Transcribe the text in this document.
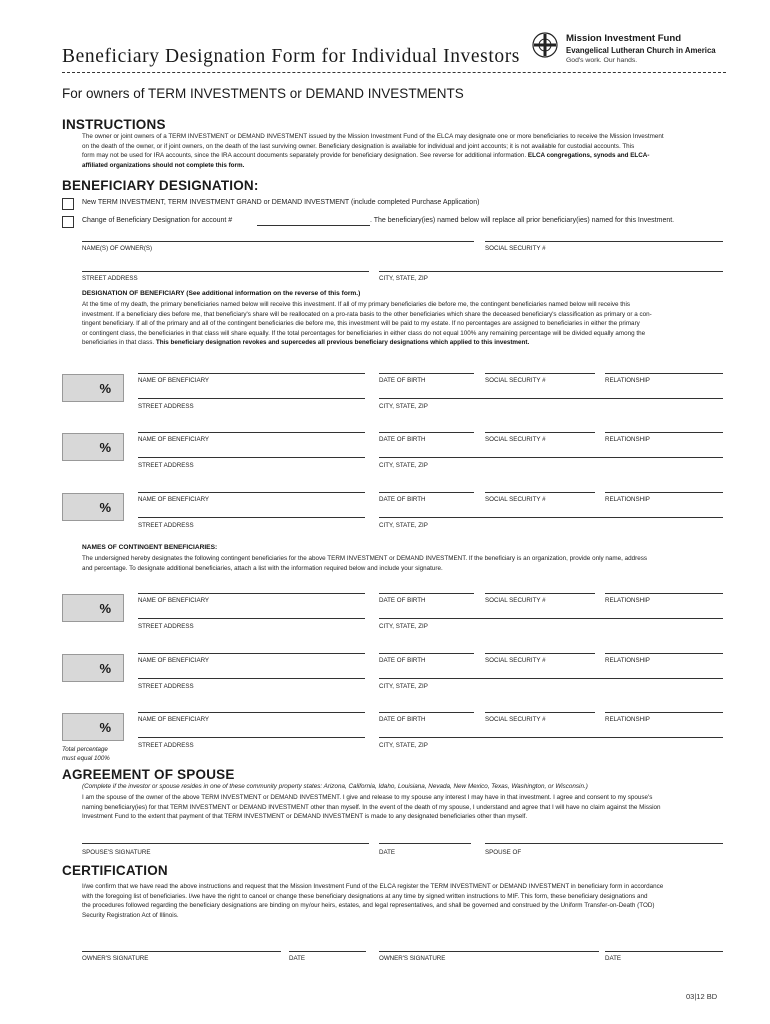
Beneficiary Designation Form for Individual Investors
Mission Investment Fund
Evangelical Lutheran Church in America
God's work. Our hands.
For owners of TERM INVESTMENTS or DEMAND INVESTMENTS
INSTRUCTIONS
The owner or joint owners of a TERM INVESTMENT or DEMAND INVESTMENT issued by the Mission Investment Fund of the ELCA may designate one or more beneficiaries to receive the Mission Investment
on the death of the owner, or if joint owners, on the death of the last surviving owner. Beneficiary designation is available for individual and joint accounts; it is not available for custodial accounts. This
form may not be used for IRA accounts, since the IRA account documents separately provide for beneficiary designation. See reverse for additional information. ELCA congregations, synods and ELCA-
affiliated organizations should not complete this form.
BENEFICIARY DESIGNATION:
New TERM INVESTMENT, TERM INVESTMENT GRAND or DEMAND INVESTMENT (include completed Purchase Application)
Change of Beneficiary Designation for account #	. The beneficiary(ies) named below will replace all prior beneficiary(ies) named for this Investment.
NAME(S) OF OWNER(S)	SOCIAL SECURITY #
STREET ADDRESS	CITY, STATE, ZIP
DESIGNATION OF BENEFICIARY (See additional information on the reverse of this form.)
At the time of my death, the primary beneficiaries named below will receive this investment. If all of my primary beneficiaries die before me, the contingent beneficiaries named below will receive this
investment. If a beneficiary dies before me, that beneficiary's share will be reallocated on a pro-rata basis to the other beneficiaries which share the deceased beneficiary's classification as primary or a con-
tingent beneficiary. If all of the primary and all of the contingent beneficiaries die before me, this investment will be paid to my estate. If no percentages are assigned to beneficiaries in either the primary
or contingent class, the beneficiaries in that class will share equally. If the total percentages for beneficiaries in either class do not equal 100% any remaining percentage will be divided equally among the
beneficiaries in that class. This beneficiary designation revokes and supercedes all previous beneficiary designations which applied to this investment.
%
NAME OF BENEFICIARY	DATE OF BIRTH	SOCIAL SECURITY #	RELATIONSHIP
STREET ADDRESS	CITY, STATE, ZIP
%
NAME OF BENEFICIARY	DATE OF BIRTH	SOCIAL SECURITY #	RELATIONSHIP
STREET ADDRESS	CITY, STATE, ZIP
%
NAME OF BENEFICIARY	DATE OF BIRTH	SOCIAL SECURITY #	RELATIONSHIP
STREET ADDRESS	CITY, STATE, ZIP
NAMES OF CONTINGENT BENEFICIARIES:
The undersigned hereby designates the following contingent beneficiaries for the above TERM INVESTMENT or DEMAND INVESTMENT. If the beneficiary is an organization, provide only name, address
and percentage. To designate additional beneficiaries, attach a list with the information required below and include your signature.
%
NAME OF BENEFICIARY	DATE OF BIRTH	SOCIAL SECURITY #	RELATIONSHIP
STREET ADDRESS	CITY, STATE, ZIP
%
NAME OF BENEFICIARY	DATE OF BIRTH	SOCIAL SECURITY #	RELATIONSHIP
STREET ADDRESS	CITY, STATE, ZIP
%
NAME OF BENEFICIARY	DATE OF BIRTH	SOCIAL SECURITY #	RELATIONSHIP
STREET ADDRESS	CITY, STATE, ZIP
Total percentage
must equal 100%
AGREEMENT OF SPOUSE
(Complete if the investor or spouse resides in one of these community property states: Arizona, California, Idaho, Louisiana, Nevada, New Mexico, Texas, Washington, or Wisconsin.)
I am the spouse of the owner of the above TERM INVESTMENT or DEMAND INVESTMENT. I give and release to my spouse any interest I may have in that investment. I agree and consent to my spouse's
naming beneficiary(ies) for that TERM INVESTMENT or DEMAND INVESTMENT other than myself. In the event of the death of my spouse, I understand and agree that I will have no claim against the Mission
Investment Fund to the extent that payment of that TERM INVESTMENT or DEMAND INVESTMENT is made to any designated beneficiaries other than myself.
SPOUSE'S SIGNATURE	DATE	SPOUSE OF
CERTIFICATION
I/we confirm that we have read the above instructions and request that the Mission Investment Fund of the ELCA register the TERM INVESTMENT or DEMAND INVESTMENT in beneficiary form in accordance
with the foregoing list of beneficiaries. I/we have the right to cancel or change these beneficiary designations at any time by signed written instructions to MIF. This form, these beneficiary designations and
the procedures followed regarding the beneficiary designations are binding on my/our heirs, estates, and legal representatives, and shall be governed and construed by the Uniform Transfer-on-Death (TOD)
Security Registration Act of Illinois.
OWNER'S SIGNATURE	DATE	OWNER'S SIGNATURE	DATE
03|12 BD
